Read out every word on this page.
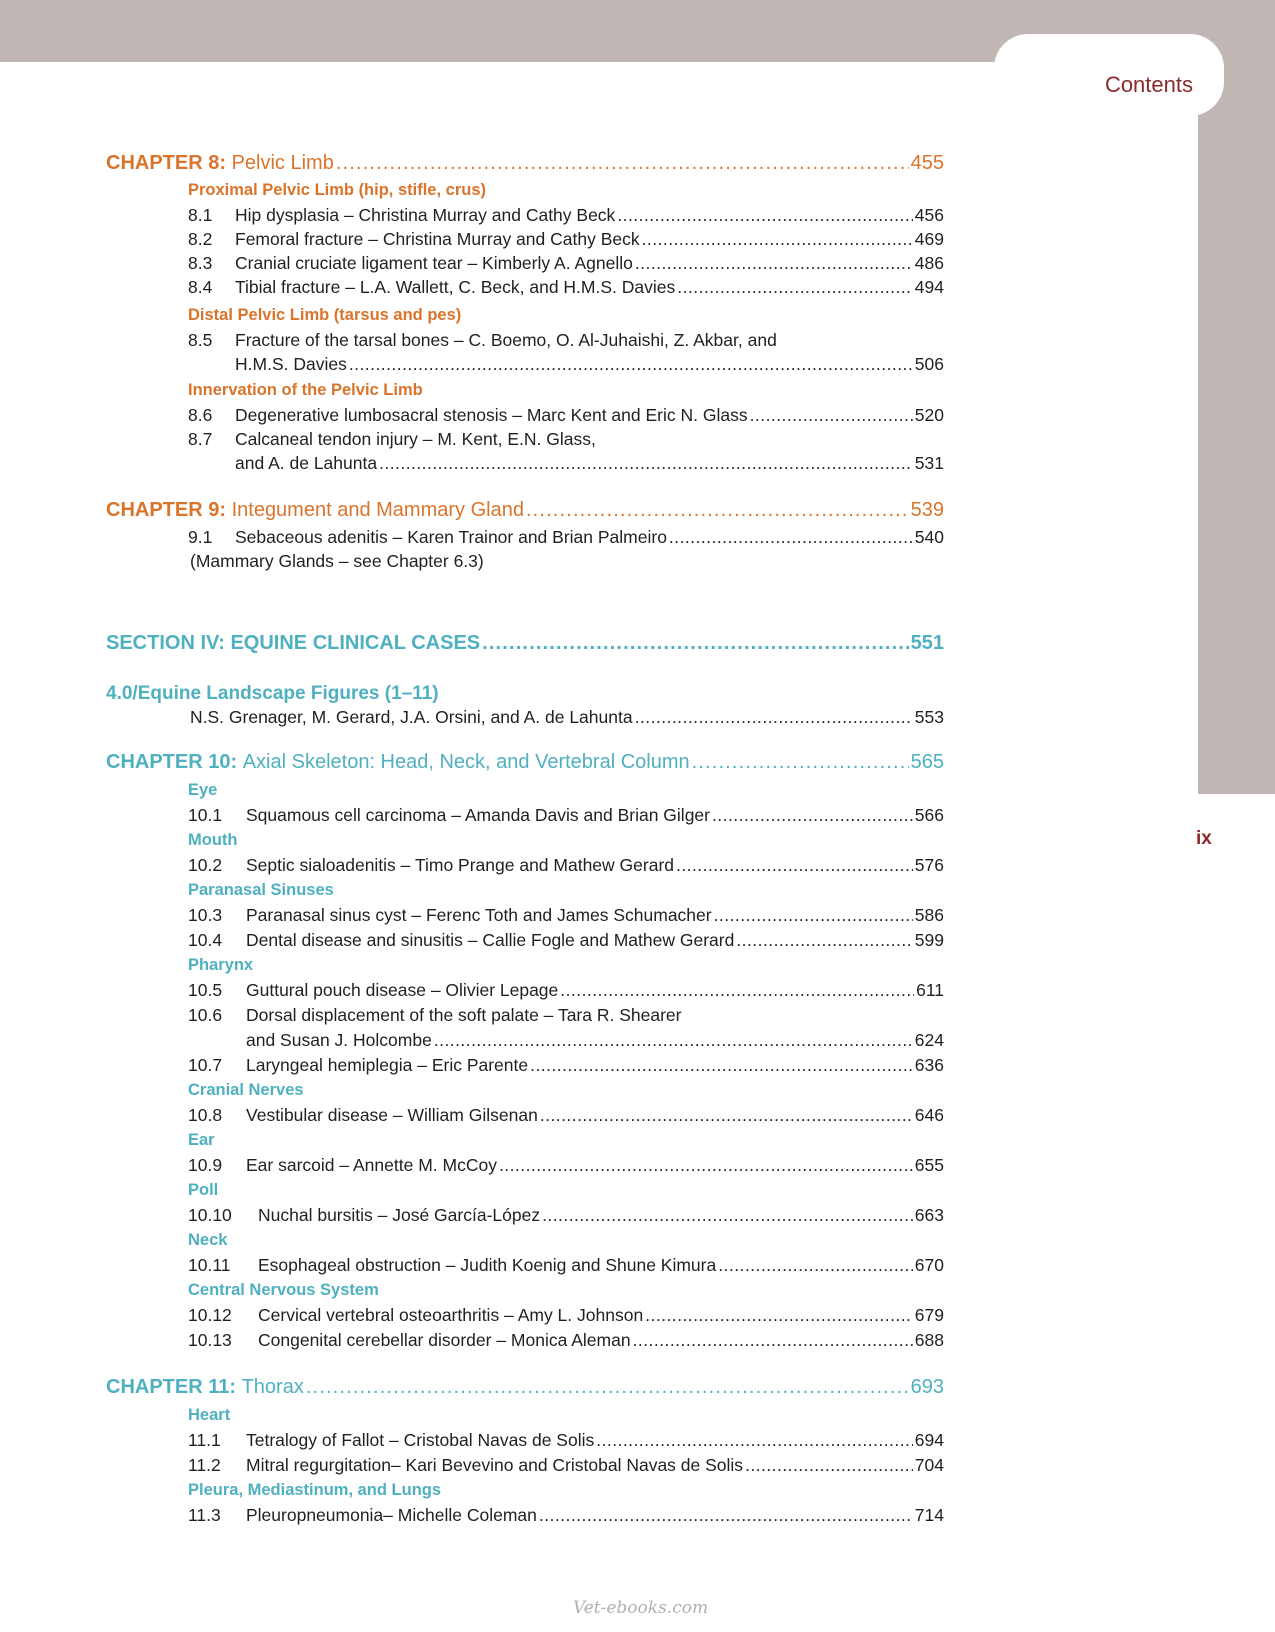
Contents
ix
CHAPTER 8:
Pelvic Limb . . .	455
Proximal Pelvic Limb (hip, stifle, crus)
8.1	Hip dysplasia – Christina Murray and Cathy Beck . . .	456
8.2	Femoral fracture – Christina Murray and Cathy Beck . . .	469
8.3	Cranial cruciate ligament tear – Kimberly A. Agnello . . .	486
8.4	Tibial fracture – L.A. Wallett, C. Beck, and H.M.S. Davies . . .	494
Distal Pelvic Limb (tarsus and pes)
8.5	Fracture of the tarsal bones – C. Boemo, O. Al-Juhaishi, Z. Akbar, and
H.M.S. Davies . . .	506
Innervation of the Pelvic Limb
8.6	Degenerative lumbosacral stenosis – Marc Kent and Eric N. Glass . . .	520
8.7	Calcaneal tendon injury – M. Kent, E.N. Glass,
and A. de Lahunta . . .	531
CHAPTER 9:
Integument and Mammary Gland . . .	539
9.1	Sebaceous adenitis – Karen Trainor and Brian Palmeiro . . .	540
(Mammary Glands – see Chapter 6.3)
SECTION IV: EQUINE CLINICAL CASES . . .	551
4.0/Equine Landscape Figures (1–11)
N.S. Grenager, M. Gerard, J.A. Orsini, and A. de Lahunta . . .	553
CHAPTER 10:
Axial Skeleton: Head, Neck, and Vertebral Column . . .	565
Eye
10.1	Squamous cell carcinoma – Amanda Davis and Brian Gilger . . .	566
Mouth
10.2	Septic sialoadenitis – Timo Prange and Mathew Gerard . . .	576
Paranasal Sinuses
10.3	Paranasal sinus cyst – Ferenc Toth and James Schumacher . . .	586
10.4	Dental disease and sinusitis – Callie Fogle and Mathew Gerard . . .	599
Pharynx
10.5	Guttural pouch disease – Olivier Lepage . . .	611
10.6	Dorsal displacement of the soft palate – Tara R. Shearer
and Susan J. Holcombe . . .	624
10.7	Laryngeal hemiplegia – Eric Parente . . .	636
Cranial Nerves
10.8	Vestibular disease – William Gilsenan . . .	646
Ear
10.9	Ear sarcoid – Annette M. McCoy . . .	655
Poll
10.10	Nuchal bursitis – José García-López . . .	663
Neck
10.11	Esophageal obstruction – Judith Koenig and Shune Kimura . . .	670
Central Nervous System
10.12	Cervical vertebral osteoarthritis – Amy L. Johnson . . .	679
10.13	Congenital cerebellar disorder – Monica Aleman . . .	688
CHAPTER 11:
Thorax . . .	693
Heart
11.1	Tetralogy of Fallot – Cristobal Navas de Solis . . .	694
11.2	Mitral regurgitation– Kari Bevevino and Cristobal Navas de Solis . . .	704
Pleura, Mediastinum, and Lungs
11.3	Pleuropneumonia– Michelle Coleman . . .	714
Vet-ebooks.com
